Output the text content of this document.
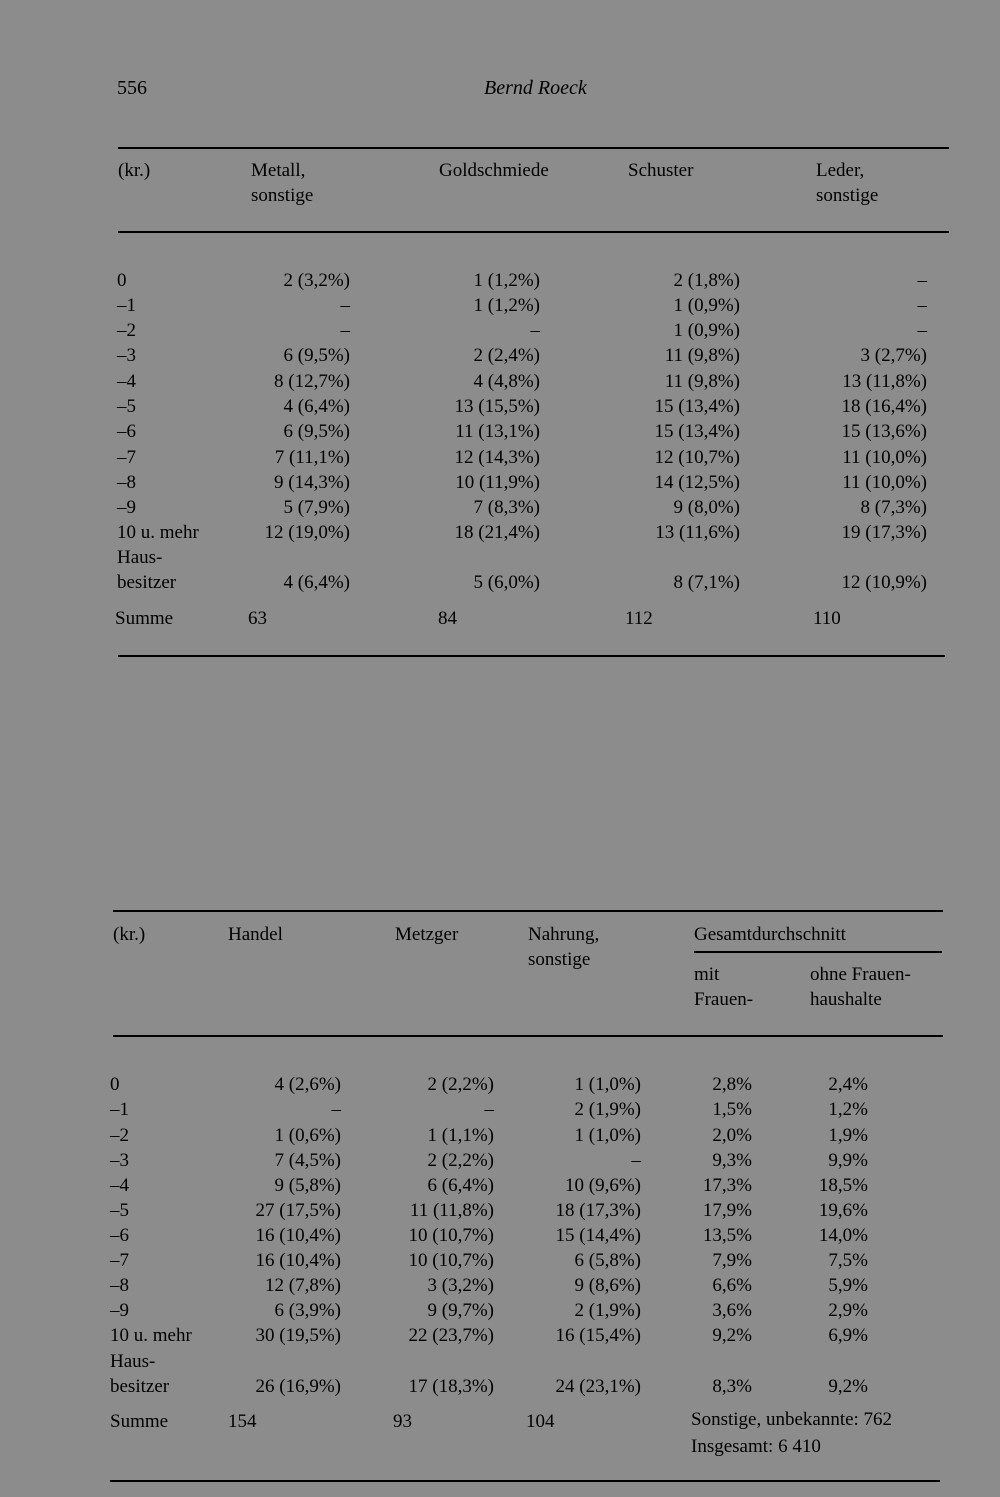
556	Bernd Roeck
(kr.)	Metall,
sonstige
Goldschmiede	Schuster	Leder,
sonstige
0	2 (3,2%)	1 (1,2%)	2 (1,8%)	–
–1	–	1 (1,2%)	1 (0,9%)	–
–2	–	–	1 (0,9%)	–
–3	6 (9,5%)	2 (2,4%)	11 (9,8%)	3 (2,7%)
–4	8 (12,7%)	4 (4,8%)	11 (9,8%)	13 (11,8%)
–5	4 (6,4%)	13 (15,5%)	15 (13,4%)	18 (16,4%)
–6	6 (9,5%)	11 (13,1%)	15 (13,4%)	15 (13,6%)
–7	7 (11,1%)	12 (14,3%)	12 (10,7%)	11 (10,0%)
–8	9 (14,3%)	10 (11,9%)	14 (12,5%)	11 (10,0%)
–9	5 (7,9%)	7 (8,3%)	9 (8,0%)	8 (7,3%)
10 u. mehr	12 (19,0%)	18 (21,4%)	13 (11,6%)	19 (17,3%)
Haus-
besitzer	4 (6,4%)	5 (6,0%)	8 (7,1%)	12 (10,9%)
Summe	63	84	112	110
(kr.)	Handel	Metzger	Nahrung,
sonstige
Gesamtdurchschnitt
mit
Frauen-
ohne Frauen-
haushalte
0	4 (2,6%)	2 (2,2%)	1 (1,0%)	2,8%	2,4%
–1	–	–	2 (1,9%)	1,5%	1,2%
–2	1 (0,6%)	1 (1,1%)	1 (1,0%)	2,0%	1,9%
–3	7 (4,5%)	2 (2,2%)	–	9,3%	9,9%
–4	9 (5,8%)	6 (6,4%)	10 (9,6%)	17,3%	18,5%
–5	27 (17,5%)	11 (11,8%)	18 (17,3%)	17,9%	19,6%
–6	16 (10,4%)	10 (10,7%)	15 (14,4%)	13,5%	14,0%
–7	16 (10,4%)	10 (10,7%)	6 (5,8%)	7,9%	7,5%
–8	12 (7,8%)	3 (3,2%)	9 (8,6%)	6,6%	5,9%
–9	6 (3,9%)	9 (9,7%)	2 (1,9%)	3,6%	2,9%
10 u. mehr	30 (19,5%)	22 (23,7%)	16 (15,4%)	9,2%	6,9%
Haus-
besitzer	26 (16,9%)	17 (18,3%)	24 (23,1%)	8,3%	9,2%
Summe	154	93	104	Sonstige, unbekannte: 762
Insgesamt: 6 410
